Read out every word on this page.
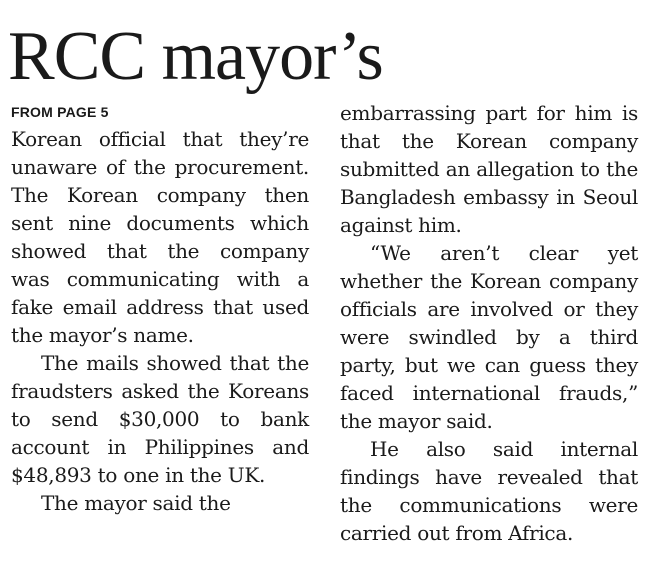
RCC mayor’s
FROM PAGE 5

Korean official that they’re unaware of the procurement. The Korean company then sent nine documents which showed that the company was communicating with a fake email address that used the mayor’s name.

The mails showed that the fraudsters asked the Koreans to send $30,000 to bank account in Philippines and $48,893 to one in the UK.

The mayor said the

embarrassing part for him is that the Korean company submitted an allegation to the Bangladesh embassy in Seoul against him.

“We aren’t clear yet whether the Korean company officials are involved or they were swindled by a third party, but we can guess they faced international frauds,” the mayor said.

He also said internal findings have revealed that the communications were carried out from Africa.
